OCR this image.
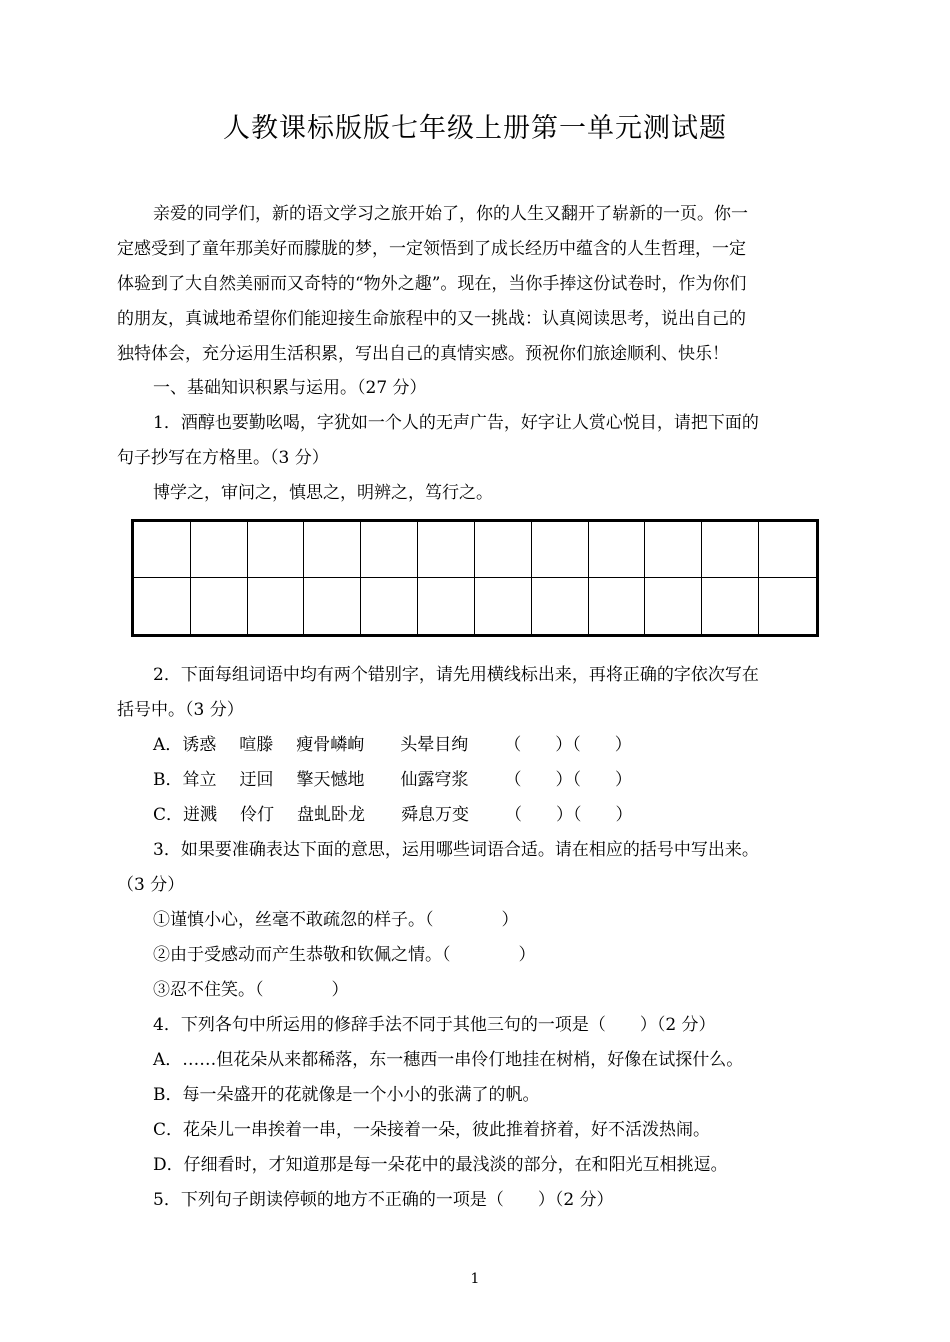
人教课标版版七年级上册第一单元测试题
亲爱的同学们，新的语文学习之旅开始了，你的人生又翻开了崭新的一页。你一
定感受到了童年那美好而朦胧的梦，一定领悟到了成长经历中蕴含的人生哲理，一定
体验到了大自然美丽而又奇特的“物外之趣”。现在，当你手捧这份试卷时，作为你们
的朋友，真诚地希望你们能迎接生命旅程中的又一挑战：认真阅读思考，说出自己的
独特体会，充分运用生活积累，写出自己的真情实感。预祝你们旅途顺利、快乐！
一、基础知识积累与运用。（27 分）
1．酒醇也要勤吆喝，字犹如一个人的无声广告，好字让人赏心悦目，请把下面的
句子抄写在方格里。（3 分）
博学之，审问之，慎思之，明辨之，笃行之。
2．下面每组词语中均有两个错别字，请先用横线标出来，再将正确的字依次写在
括号中。（3 分）
A．诱惑 喧滕 瘦骨嶙峋 头晕目绚 （　　）（　　）
B．耸立 迂回 擎天憾地 仙露穹浆 （　　）（　　）
C．迸溅 伶仃 盘虬卧龙 舜息万变 （　　）（　　）
3．如果要准确表达下面的意思，运用哪些词语合适。请在相应的括号中写出来。
（3 分）
①谨慎小心，丝毫不敢疏忽的样子。（　　　　）
②由于受感动而产生恭敬和钦佩之情。（　　　　）
③忍不住笑。（　　　　）
4．下列各句中所运用的修辞手法不同于其他三句的一项是（　　）（2 分）
A．……但花朵从来都稀落，东一穗西一串伶仃地挂在树梢，好像在试探什么。
B．每一朵盛开的花就像是一个小小的张满了的帆。
C．花朵儿一串挨着一串，一朵接着一朵，彼此推着挤着，好不活泼热闹。
D．仔细看时，才知道那是每一朵花中的最浅淡的部分，在和阳光互相挑逗。
5．下列句子朗读停顿的地方不正确的一项是（　　）（2 分）
1
